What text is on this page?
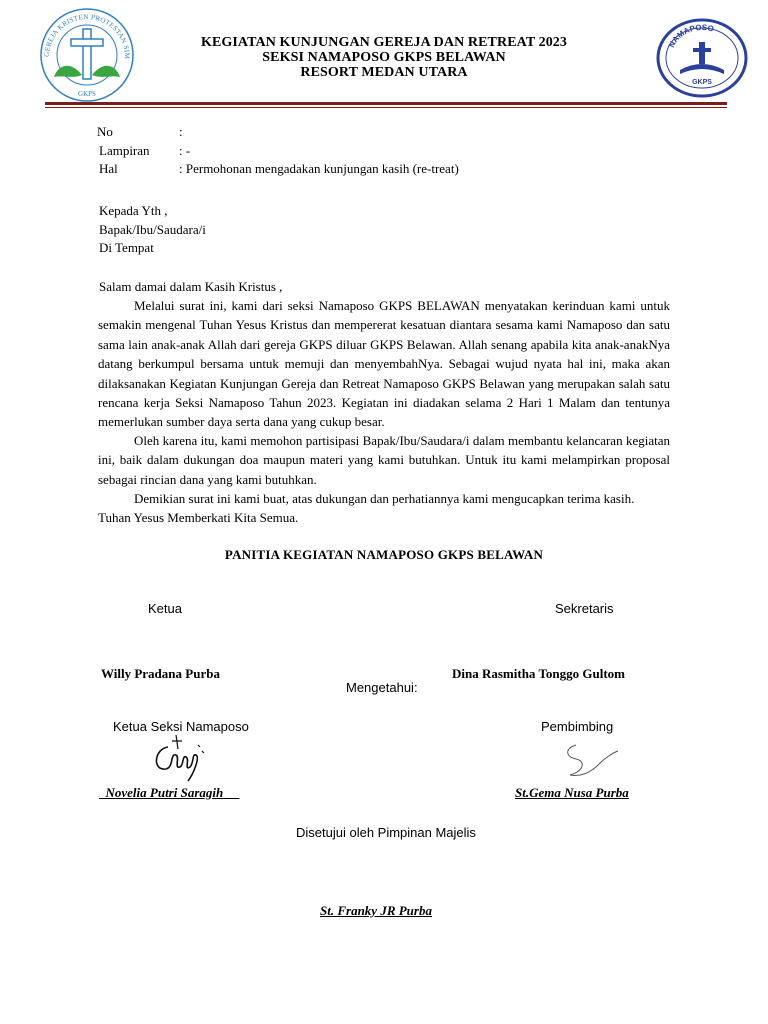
GEREJA KRISTEN PROTESTAN SIM
GKPS
KEGIATAN KUNJUNGAN GEREJA DAN RETREAT 2023
SEKSI NAMAPOSO GKPS BELAWAN
RESORT MEDAN UTARA
NAMAPOSO
GKPS
No	:
Lampiran : -
Hal	: Permohonan mengadakan kunjungan kasih (re-treat)
Kepada Yth ,
Bapak/Ibu/Saudara/i
Di Tempat
Salam damai dalam Kasih Kristus ,
Melalui surat ini, kami dari seksi Namaposo GKPS BELAWAN menyatakan kerinduan kami untuk semakin mengenal Tuhan Yesus Kristus dan mempererat kesatuan diantara sesama kami Namaposo dan satu sama lain anak-anak Allah dari gereja GKPS diluar GKPS Belawan. Allah senang apabila kita anak-anakNya datang berkumpul bersama untuk memuji dan menyembahNya. Sebagai wujud nyata hal ini, maka akan dilaksanakan Kegiatan Kunjungan Gereja dan Retreat Namaposo GKPS Belawan yang merupakan salah satu rencana kerja Seksi Namaposo Tahun 2023. Kegiatan ini diadakan selama 2 Hari 1 Malam dan tentunya memerlukan sumber daya serta dana yang cukup besar.
Oleh karena itu, kami memohon partisipasi Bapak/Ibu/Saudara/i dalam membantu kelancaran kegiatan ini, baik dalam dukungan doa maupun materi yang kami butuhkan. Untuk itu kami melampirkan proposal sebagai rincian dana yang kami butuhkan.
Demikian surat ini kami buat, atas dukungan dan perhatiannya kami mengucapkan terima kasih.
Tuhan Yesus Memberkati Kita Semua.
PANITIA KEGIATAN NAMAPOSO GKPS BELAWAN
Ketua	Sekretaris
Willy Pradana Purba	Dina Rasmitha Tonggo Gultom
Mengetahui:
Ketua Seksi Namaposo	Pembimbing
Novelia Putri Saragih	St.Gema Nusa Purba
Disetujui oleh Pimpinan Majelis
St. Franky JR Purba
